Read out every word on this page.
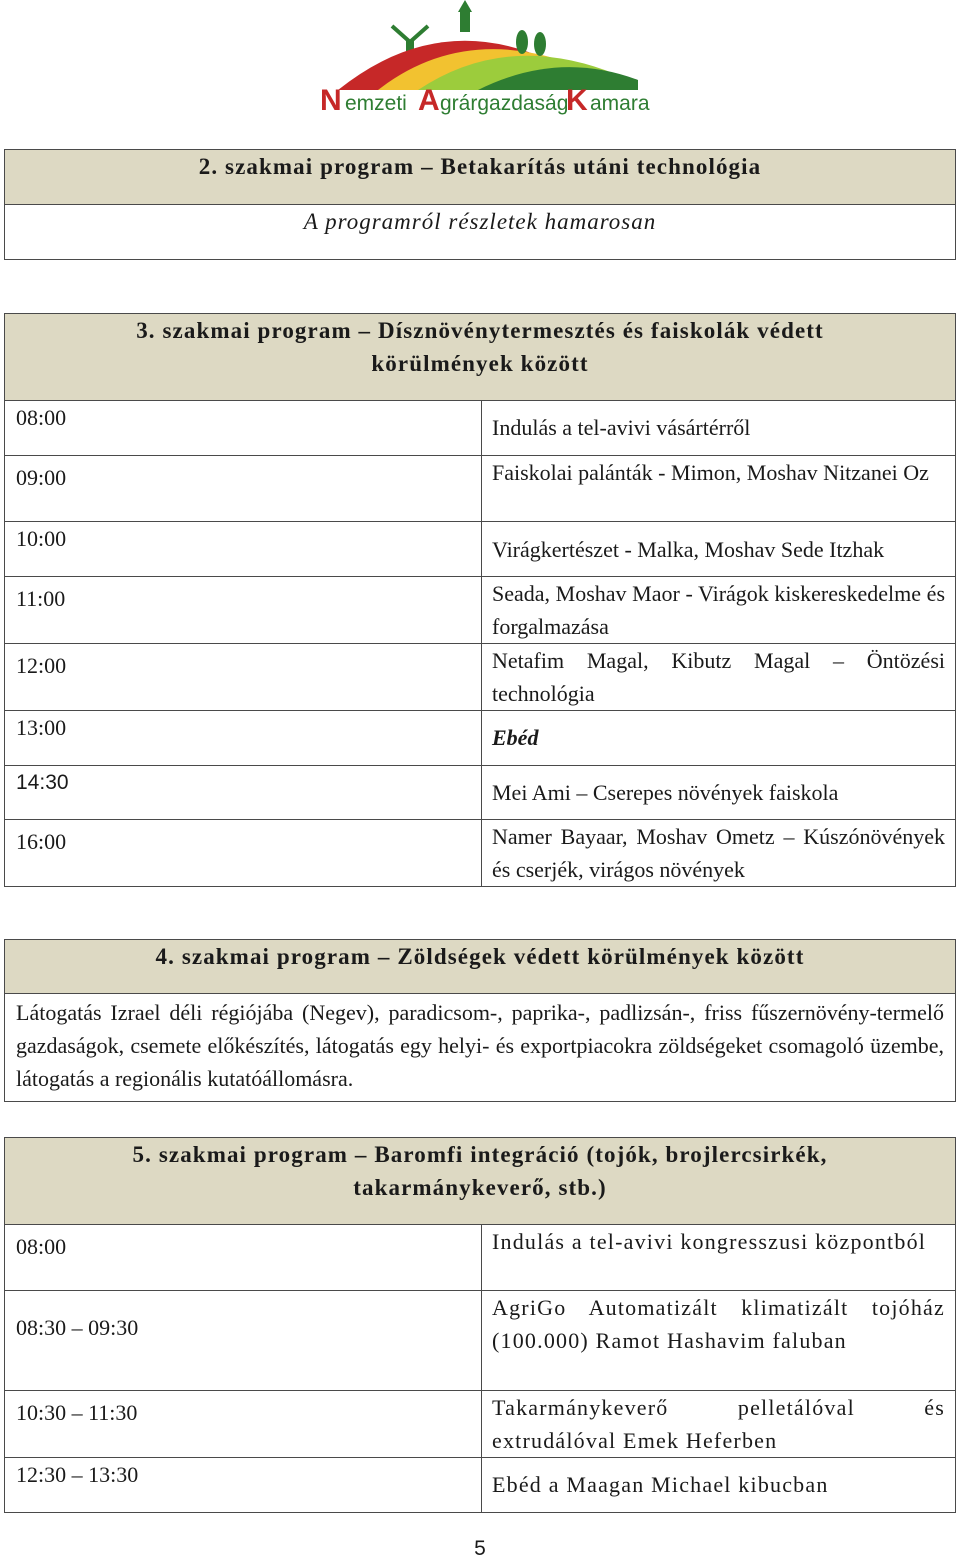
N emzeti A grárgazdasági
K amara
2. szakmai program – Betakarítás utáni technológia

A programról részletek hamarosan
3. szakmai program – Dísznövénytermesztés és faiskolák védett
körülmények között	

08:00	Indulás a tel-avivi vásártérről
09:00	Faiskolai palánták - Mimon, Moshav Nitzanei Oz
10:00	Virágkertészet - Malka, Moshav Sede Itzhak
11:00	Seada, Moshav Maor - Virágok kiskereskedelme és forgalmazása
12:00	Netafim Magal, Kibutz Magal – Öntözési technológia
13:00	Ebéd
14:30	Mei Ami – Cserepes növények faiskola
16:00	Namer Bayaar, Moshav Ometz – Kúszónövények és cserjék, virágos növények
4. szakmai program – Zöldségek védett körülmények között

Látogatás Izrael déli régiójába (Negev), paradicsom-, paprika-, padlizsán-, friss fűszernövény-termelő gazdaságok, csemete előkészítés, látogatás egy helyi- és exportpiacokra zöldségeket csomagoló üzembe, látogatás a regionális kutatóállomásra.
5. szakmai program – Baromfi integráció (tojók, brojlercsirkék,
takarmánykeverő, stb.)	

08:00	Indulás a tel-avivi kongresszusi központból
08:30 – 09:30	AgriGo Automatizált klimatizált tojóház (100.000) Ramot Hashavim faluban
10:30 – 11:30	Takarmánykeverő pelletálóval és extrudálóval Emek Heferben
12:30 – 13:30	Ebéd a Maagan Michael kibucban
5
